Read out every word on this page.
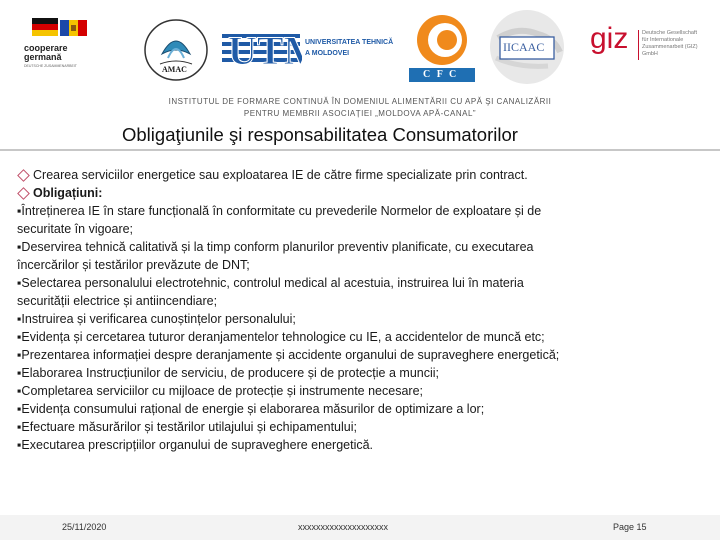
cooperare
germană
DEUTSCHE ZUSAMMENARBEIT	AMAC UT	UNIVERSITATEA TEHNICĂ
A MOLDOVEI
C F C
IICAAC giz Deutsche Gesellschaft
für Internationale
Zusammenarbeit (GIZ) GmbH
INSTITUTUL DE FORMARE CONTINUĂ ÎN DOMENIUL ALIMENTĂRII CU APĂ ŞI CANALIZĂRII
PENTRU MEMBRII ASOCIAȚIEI „MOLDOVA APĂ-CANAL”
Obligaţiunile şi responsabilitatea Consumatorilor
Crearea serviciilor energetice sau exploatarea IE de către firme specializate prin contract.
Obligațiuni:
▪Întreținerea IE în stare funcțională în conformitate cu prevederile Normelor de exploatare și de
securitate în vigoare;
▪Deservirea tehnică calitativă și la timp conform planurilor preventiv planificate, cu executarea
încercărilor și testărilor prevăzute de DNT;
▪Selectarea personalului electrotehnic, controlul medical al acestuia, instruirea lui în materia
securității electrice și antiincendiare;
▪Instruirea și verificarea cunoștințelor personalului;
▪Evidența și cercetarea tuturor deranjamentelor tehnologice cu IE, a accidentelor de muncă etc;
▪Prezentarea informației despre deranjamente și accidente organului de supraveghere energetică;
▪Elaborarea Instrucțiunilor de serviciu, de producere și de protecție a muncii;
▪Completarea serviciilor cu mijloace de protecție și instrumente necesare;
▪Evidența consumului rațional de energie și elaborarea măsurilor de optimizare a lor;
▪Efectuare măsurărilor și testărilor utilajului și echipamentului;
▪Executarea prescripțiilor organului de supraveghere energetică.
25/11/2020	xxxxxxxxxxxxxxxxxxxx	Page 15
